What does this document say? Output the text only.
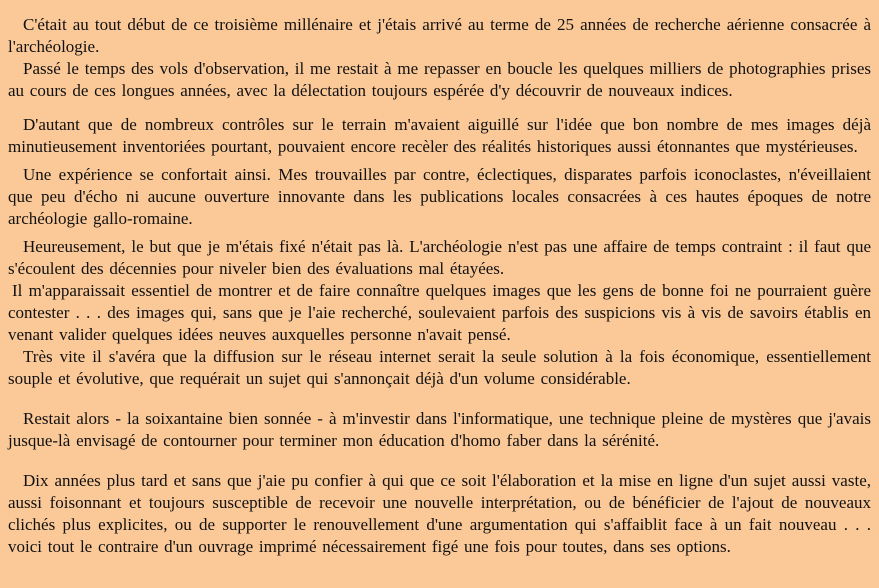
C'était au tout début de ce troisième millénaire et j'étais arrivé au terme de 25 années de recherche aérienne consacrée à l'archéologie.

Passé le temps des vols d'observation, il me restait à me repasser en boucle les quelques milliers de photographies prises au cours de ces longues années, avec la délectation toujours espérée d'y découvrir de nouveaux indices.

D'autant que de nombreux contrôles sur le terrain m'avaient aiguillé sur l'idée que bon nombre de mes images déjà minutieusement inventoriées pourtant, pouvaient encore recèler des réalités historiques aussi étonnantes que mystérieuses.

Une expérience se confortait ainsi. Mes trouvailles par contre, éclectiques, disparates parfois iconoclastes, n'éveillaient que peu d'écho ni aucune ouverture innovante dans les publications locales consacrées à ces hautes époques de notre archéologie gallo-romaine.

Heureusement, le but que je m'étais fixé n'était pas là. L'archéologie n'est pas une affaire de temps contraint : il faut que s'écoulent des décennies pour niveler bien des évaluations mal étayées.

Il m'apparaissait essentiel de montrer et de faire connaître quelques images que les gens de bonne foi ne pourraient guère contester . . . des images qui, sans que je l'aie recherché, soulevaient parfois des suspicions vis à vis de savoirs établis en venant valider quelques idées neuves auxquelles personne n'avait pensé.

Très vite il s'avéra que la diffusion sur le réseau internet serait la seule solution à la fois économique, essentiellement souple et évolutive, que requérait un sujet qui s'annonçait déjà d'un volume considérable.

Restait alors - la soixantaine bien sonnée - à m'investir dans l'informatique, une technique pleine de mystères que j'avais jusque-là envisagé de contourner pour terminer mon éducation d'homo faber dans la sérénité.

Dix années plus tard et sans que j'aie pu confier à qui que ce soit l'élaboration et la mise en ligne d'un sujet aussi vaste, aussi foisonnant et toujours susceptible de recevoir une nouvelle interprétation, ou de bénéficier de l'ajout de nouveaux clichés plus explicites, ou de supporter le renouvellement d'une argumentation qui s'affaiblit face à un fait nouveau . . . voici tout le contraire d'un ouvrage imprimé nécessairement figé une fois pour toutes, dans ses options.
